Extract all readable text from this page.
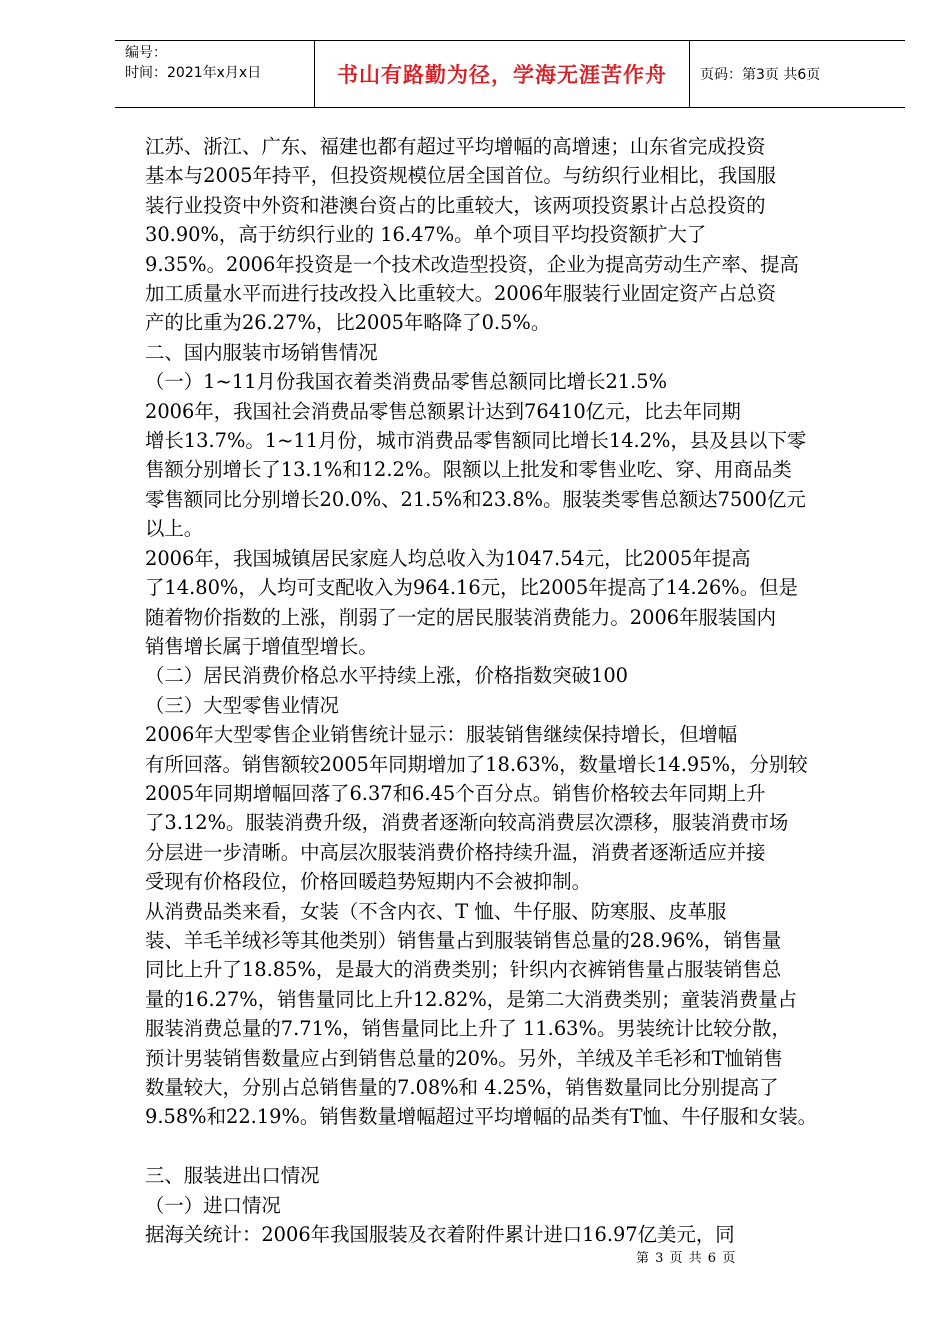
编号：
时间：2021年x月x日	书山有路勤为径，学海无涯苦作舟	页码：第3页 共6页

江苏、浙江、广东、福建也都有超过平均增幅的高增速；山东省完成投资

基本与2005年持平，但投资规模位居全国首位。与纺织行业相比，我国服

装行业投资中外资和港澳台资占的比重较大，该两项投资累计占总投资的

30.90%，高于纺织行业的 16.47%。单个项目平均投资额扩大了

9.35%。2006年投资是一个技术改造型投资，企业为提高劳动生产率、提高

加工质量水平而进行技改投入比重较大。2006年服装行业固定资产占总资

产的比重为26.27%，比2005年略降了0.5%。

二、国内服装市场销售情况

（一）1~11月份我国衣着类消费品零售总额同比增长21.5%

2006年，我国社会消费品零售总额累计达到76410亿元，比去年同期

增长13.7%。1~11月份，城市消费品零售额同比增长14.2%，县及县以下零

售额分别增长了13.1%和12.2%。限额以上批发和零售业吃、穿、用商品类

零售额同比分别增长20.0%、21.5%和23.8%。服装类零售总额达7500亿元

以上。

2006年，我国城镇居民家庭人均总收入为1047.54元，比2005年提高

了14.80%，人均可支配收入为964.16元，比2005年提高了14.26%。但是

随着物价指数的上涨，削弱了一定的居民服装消费能力。2006年服装国内

销售增长属于增值型增长。

（二）居民消费价格总水平持续上涨，价格指数突破100

（三）大型零售业情况

2006年大型零售企业销售统计显示：服装销售继续保持增长，但增幅

有所回落。销售额较2005年同期增加了18.63%，数量增长14.95%，分别较

2005年同期增幅回落了6.37和6.45个百分点。销售价格较去年同期上升

了3.12%。服装消费升级，消费者逐渐向较高消费层次漂移，服装消费市场

分层进一步清晰。中高层次服装消费价格持续升温，消费者逐渐适应并接

受现有价格段位，价格回暖趋势短期内不会被抑制。

从消费品类来看，女装（不含内衣、T 恤、牛仔服、防寒服、皮革服

装、羊毛羊绒衫等其他类别）销售量占到服装销售总量的28.96%，销售量

同比上升了18.85%，是最大的消费类别；针织内衣裤销售量占服装销售总

量的16.27%，销售量同比上升12.82%，是第二大消费类别；童装消费量占

服装消费总量的7.71%，销售量同比上升了 11.63%。男装统计比较分散，

预计男装销售数量应占到销售总量的20%。另外，羊绒及羊毛衫和T恤销售

数量较大，分别占总销售量的7.08%和 4.25%，销售数量同比分别提高了

9.58%和22.19%。销售数量增幅超过平均增幅的品类有T恤、牛仔服和女装。

三、服装进出口情况

（一）进口情况

据海关统计：2006年我国服装及衣着附件累计进口16.97亿美元，同

第 3 页 共 6 页
